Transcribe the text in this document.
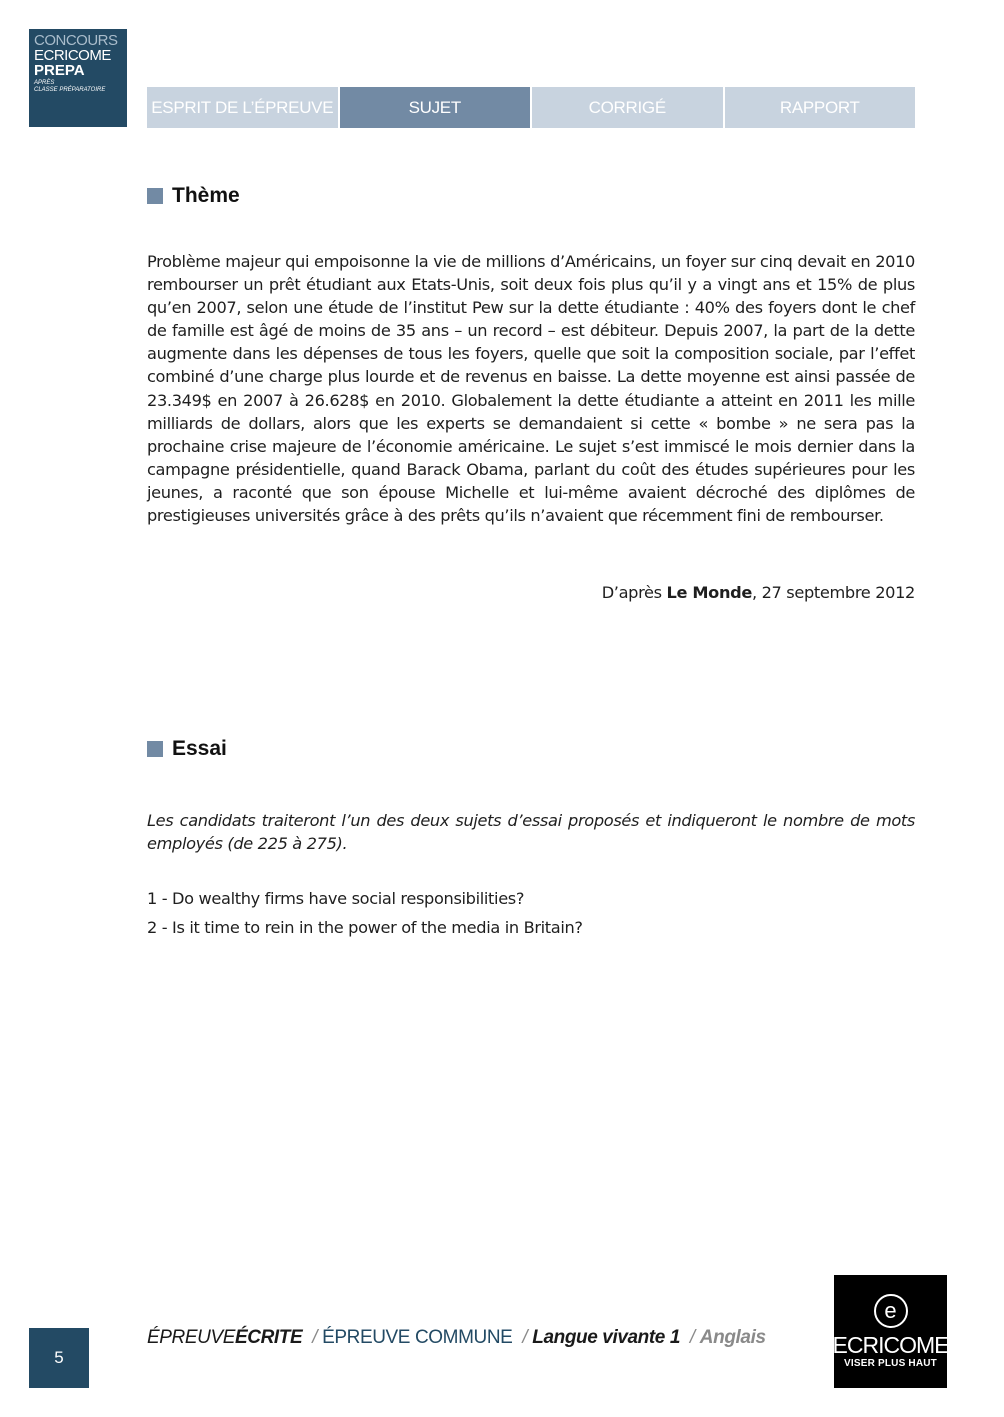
CONCOURS
ECRICOME
PREPA
APRÈS
CLASSE PRÉPARATOIRE
ESPRIT DE L’ÉPREUVE	SUJET	CORRIGÉ	RAPPORT
Thème

Problème majeur qui empoisonne la vie de millions d’Américains, un foyer sur cinq devait en 2010 rembourser un prêt étudiant aux Etats-Unis, soit deux fois plus qu’il y a vingt ans et 15% de plus qu’en 2007, selon une étude de l’institut Pew sur la dette étudiante : 40% des foyers dont le chef de famille est âgé de moins de 35 ans – un record – est débiteur. Depuis 2007, la part de la dette augmente dans les dépenses de tous les foyers, quelle que soit la composition sociale, par l’effet combiné d’une charge plus lourde et de revenus en baisse. La dette moyenne est ainsi passée de 23.349$ en 2007 à 26.628$ en 2010. Globalement la dette étudiante a atteint en 2011 les mille milliards de dollars, alors que les experts se demandaient si cette « bombe » ne sera pas la prochaine crise majeure de l’économie américaine. Le sujet s’est immiscé le mois dernier dans la campagne présidentielle, quand Barack Obama, parlant du coût des études supérieures pour les jeunes, a raconté que son épouse Michelle et lui-même avaient décroché des diplômes de prestigieuses universités grâce à des prêts qu’ils n’avaient que récemment fini de rembourser.

D’après Le Monde, 27 septembre 2012
Essai

Les candidats traiteront l’un des deux sujets d’essai proposés et indiqueront le nombre de mots employés (de 225 à 275).

1 - Do wealthy firms have social responsibilities?
2 - Is it time to rein in the power of the media in Britain?
5
ÉPREUVEÉCRITE / ÉPREUVE COMMUNE / Langue vivante 1 / Anglais
e
ECRICOME
VISER PLUS HAUT
